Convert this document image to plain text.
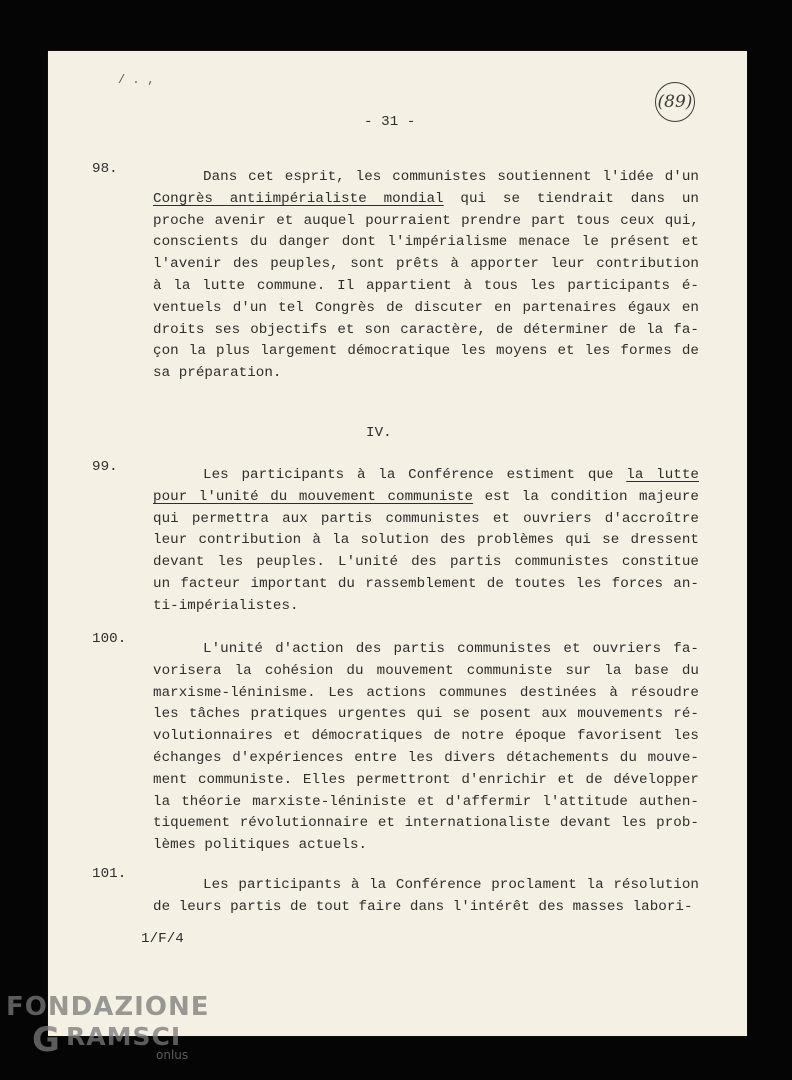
/ . ‚
(89)
- 31 -
98.	Dans cet esprit, les communistes soutiennent l'idée d'un
Congrès antiimpérialiste mondial qui se tiendrait dans un
proche avenir et auquel pourraient prendre part tous ceux qui,
conscients du danger dont l'impérialisme menace le présent et
l'avenir des peuples, sont prêts à apporter leur contribution
à la lutte commune. Il appartient à tous les participants é-
ventuels d'un tel Congrès de discuter en partenaires égaux en
droits ses objectifs et son caractère, de déterminer de la fa-
çon la plus largement démocratique les moyens et les formes de
sa préparation.
IV.
99.	Les participants à la Conférence estiment que la lutte
pour l'unité du mouvement communiste est la condition majeure
qui permettra aux partis communistes et ouvriers d'accroître
leur contribution à la solution des problèmes qui se dressent
devant les peuples. L'unité des partis communistes constitue
un facteur important du rassemblement de toutes les forces an-
ti-impérialistes.
100.
L'unité d'action des partis communistes et ouvriers fa-
vorisera la cohésion du mouvement communiste sur la base du
marxisme-léninisme. Les actions communes destinées à résoudre
les tâches pratiques urgentes qui se posent aux mouvements ré-
volutionnaires et démocratiques de notre époque favorisent les
échanges d'expériences entre les divers détachements du mouve-
ment communiste. Elles permettront d'enrichir et de développer
la théorie marxiste-léniniste et d'affermir l'attitude authen-
tiquement révolutionnaire et internationaliste devant les prob-
lèmes politiques actuels.
101.
Les participants à la Conférence proclament la résolution
de leurs partis de tout faire dans l'intérêt des masses labori-
1/F/4
FONDAZIONE
G RAMSCI
onlus
